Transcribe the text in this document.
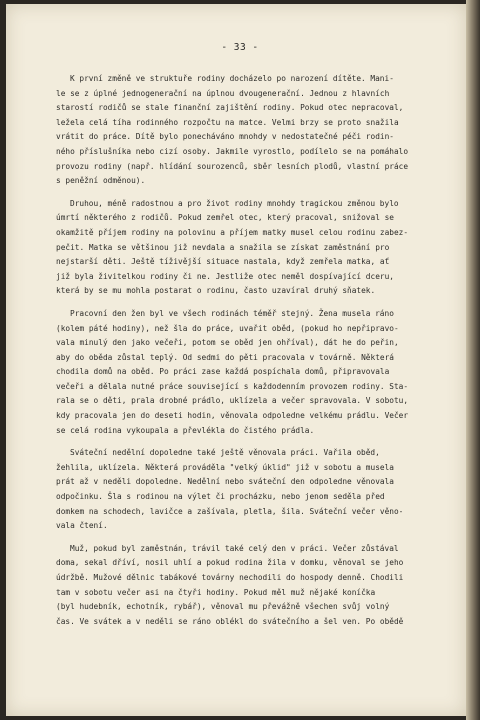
- 33 -
K první změně ve struktuře rodiny docházelo po narození dítěte. Mani-
le se z úplné jednogenerační na úplnou dvougenerační. Jednou z hlavních
starostí rodičů se stale finanční zajištění rodiny. Pokud otec nepracoval,
ležela celá tíha rodinného rozpočtu na matce. Velmi brzy se proto snažila
vrátit do práce. Dítě bylo ponecháváno mnohdy v nedostatečné péči rodin-
ného příslušníka nebo cizí osoby. Jakmile vyrostlo, podílelo se na pomáhalo
provozu rodiny (např. hlídání sourozenců, sběr lesních plodů, vlastní práce
s peněžní odměnou).
Druhou, méně radostnou a pro život rodiny mnohdy tragickou změnou bylo
úmrtí některého z rodičů. Pokud zemřel otec, který pracoval, snižoval se
okamžitě příjem rodiny na polovinu a příjem matky musel celou rodinu zabez-
pečit. Matka se většinou již nevdala a snažila se získat zaměstnání pro
nejstarší děti. Ještě tíživější situace nastala, když zemřela matka, ať
již byla živitelkou rodiny či ne. Jestliže otec neměl dospívající dceru,
která by se mu mohla postarat o rodinu, často uzavíral druhý sňatek.
Pracovní den žen byl ve všech rodinách téměř stejný. Žena musela ráno
(kolem páté hodiny), než šla do práce, uvařit oběd, (pokud ho nepřipravo-
vala minulý den jako večeři, potom se oběd jen ohříval), dát he do peřin,
aby do oběda zůstal teplý. Od sedmi do pěti pracovala v továrně. Některá
chodila domů na oběd. Po práci zase každá pospíchala domů, připravovala
večeři a dělala nutné práce související s každodenním provozem rodiny. Sta-
rala se o děti, prala drobné prádlo, uklízela a večer spravovala. V sobotu,
kdy pracovala jen do deseti hodin, věnovala odpoledne velkému prádlu. Večer
se celá rodina vykoupala a převlékla do čistého prádla.
Sváteční nedělní dopoledne také ještě věnovala práci. Vařila oběd,
žehlila, uklízela. Některá prováděla "velký úklid" již v sobotu a musela
prát až v neděli dopoledne. Nedělní nebo sváteční den odpoledne věnovala
odpočinku. Šla s rodinou na výlet či procházku, nebo jenom seděla před
domkem na schodech, lavičce a zašívala, pletla, šila. Sváteční večer věno-
vala čtení.
Muž, pokud byl zaměstnán, trávil také celý den v práci. Večer zůstával
doma, sekal dříví, nosil uhlí a pokud rodina žila v domku, věnoval se jeho
údržbě. Mužové dělnic tabákové továrny nechodili do hospody denně. Chodili
tam v sobotu večer asi na čtyři hodiny. Pokud měl muž nějaké koníčka
(byl hudebník, echotník, rybář), věnoval mu převážně všechen svůj volný
čas. Ve svátek a v neděli se ráno oblékl do svátečního a šel ven. Po obědě
